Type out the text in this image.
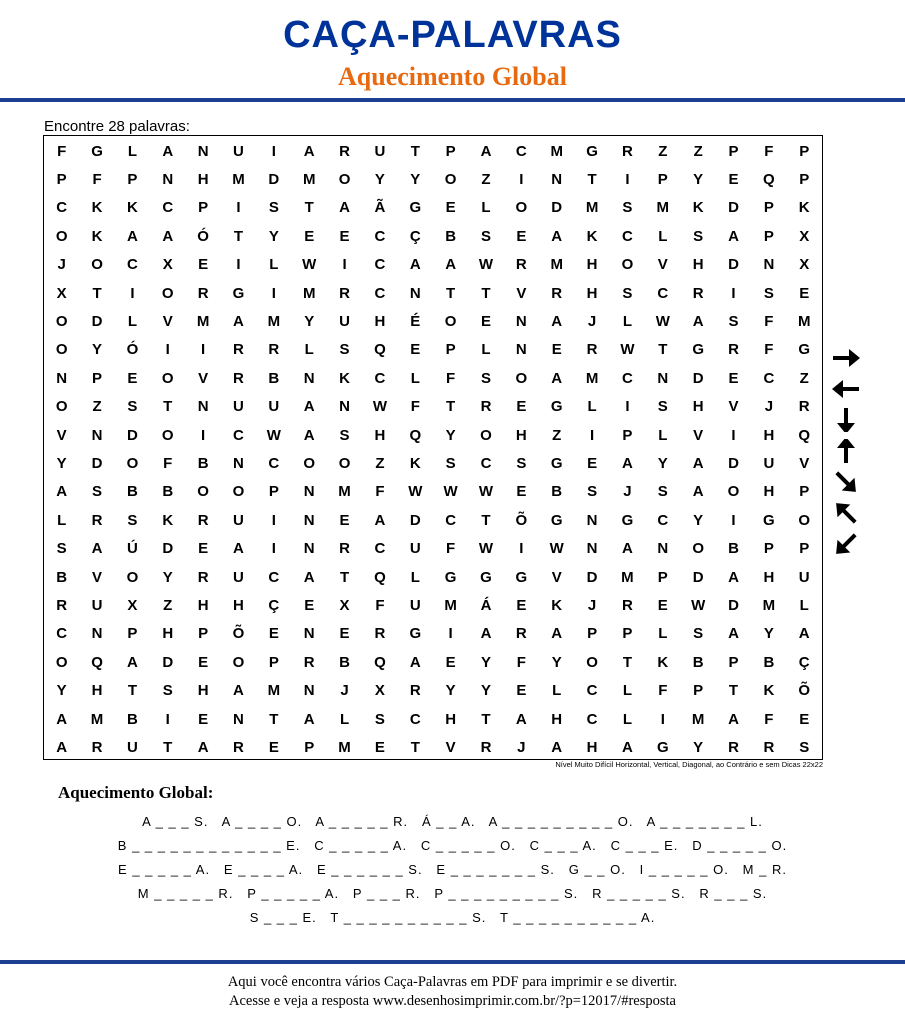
CAÇA-PALAVRAS
Aquecimento Global
Encontre 28 palavras:
F	G	L	A	N	U	I	A	R	U	T	P	A	C	M	G	R	Z	Z	P	F	P
P	F	P	N	H	M	D	M	O	Y	Y	O	Z	I	N	T	I	P	Y	E	Q	P
C	K	K	C	P	I	S	T	A	Ã	G	E	L	O	D	M	S	M	K	D	P	K
O	K	A	A	Ó	T	Y	E	E	C	Ç	B	S	E	A	K	C	L	S	A	P	X
J	O	C	X	E	I	L	W	I	C	A	A	W	R	M	H	O	V	H	D	N	X
X	T	I	O	R	G	I	M	R	C	N	T	T	V	R	H	S	C	R	I	S	E
O	D	L	V	M	A	M	Y	U	H	É	O	E	N	A	J	L	W	A	S	F	M
O	Y	Ó	I	I	R	R	L	S	Q	E	P	L	N	E	R	W	T	G	R	F	G
N	P	E	O	V	R	B	N	K	C	L	F	S	O	A	M	C	N	D	E	C	Z
O	Z	S	T	N	U	U	A	N	W	F	T	R	E	G	L	I	S	H	V	J	R
V	N	D	O	I	C	W	A	S	H	Q	Y	O	H	Z	I	P	L	V	I	H	Q
Y	D	O	F	B	N	C	O	O	Z	K	S	C	S	G	E	A	Y	A	D	U	V
A	S	B	B	O	O	P	N	M	F	W	W	W	E	B	S	J	S	A	O	H	P
L	R	S	K	R	U	I	N	E	A	D	C	T	Õ	G	N	G	C	Y	I	G	O
S	A	Ú	D	E	A	I	N	R	C	U	F	W	I	W	N	A	N	O	B	P	P
B	V	O	Y	R	U	C	A	T	Q	L	G	G	G	V	D	M	P	D	A	H	U
R	U	X	Z	H	H	Ç	E	X	F	U	M	Á	E	K	J	R	E	W	D	M	L
C	N	P	H	P	Õ	E	N	E	R	G	I	A	R	A	P	P	L	S	A	Y	A
O	Q	A	D	E	O	P	R	B	Q	A	E	Y	F	Y	O	T	K	B	P	B	Ç
Y	H	T	S	H	A	M	N	J	X	R	Y	Y	E	L	C	L	F	P	T	K	Õ
A	M	B	I	E	N	T	A	L	S	C	H	T	A	H	C	L	I	M	A	F	E
A	R	U	T	A	R	E	P	M	E	T	V	R	J	A	H	A	G	Y	R	R	S
Nível Muito Difícil Horizontal, Vertical, Diagonal, ao Contrário e sem Dicas 22x22
Aquecimento Global:
A _ _ _ S.   A _ _ _ _ O.   A _ _ _ _ _ R.   Á _ _ A.   A _ _ _ _ _ _ _ _ _ O.   A _ _ _ _ _ _ _ L.
B _ _ _ _ _ _ _ _ _ _ _ _ E.   C _ _ _ _ _ A.   C _ _ _ _ _ O.   C _ _ _ A.   C _ _ _ E.   D _ _ _ _ _ O.
E _ _ _ _ _ A.   E _ _ _ _ A.   E _ _ _ _ _ _ S.   E _ _ _ _ _ _ _ S.   G _ _ O.   I _ _ _ _ _ O.   M _ R.
M _ _ _ _ _ R.   P _ _ _ _ _ A.   P _ _ _ R.   P _ _ _ _ _ _ _ _ _ S.   R _ _ _ _ _ S.   R _ _ _ S.
S _ _ _ E.   T _ _ _ _ _ _ _ _ _ _ S.   T _ _ _ _ _ _ _ _ _ _ A.
Aqui você encontra vários Caça-Palavras em PDF para imprimir e se divertir.
Acesse e veja a resposta www.desenhosimprimir.com.br/?p=12017/#resposta
